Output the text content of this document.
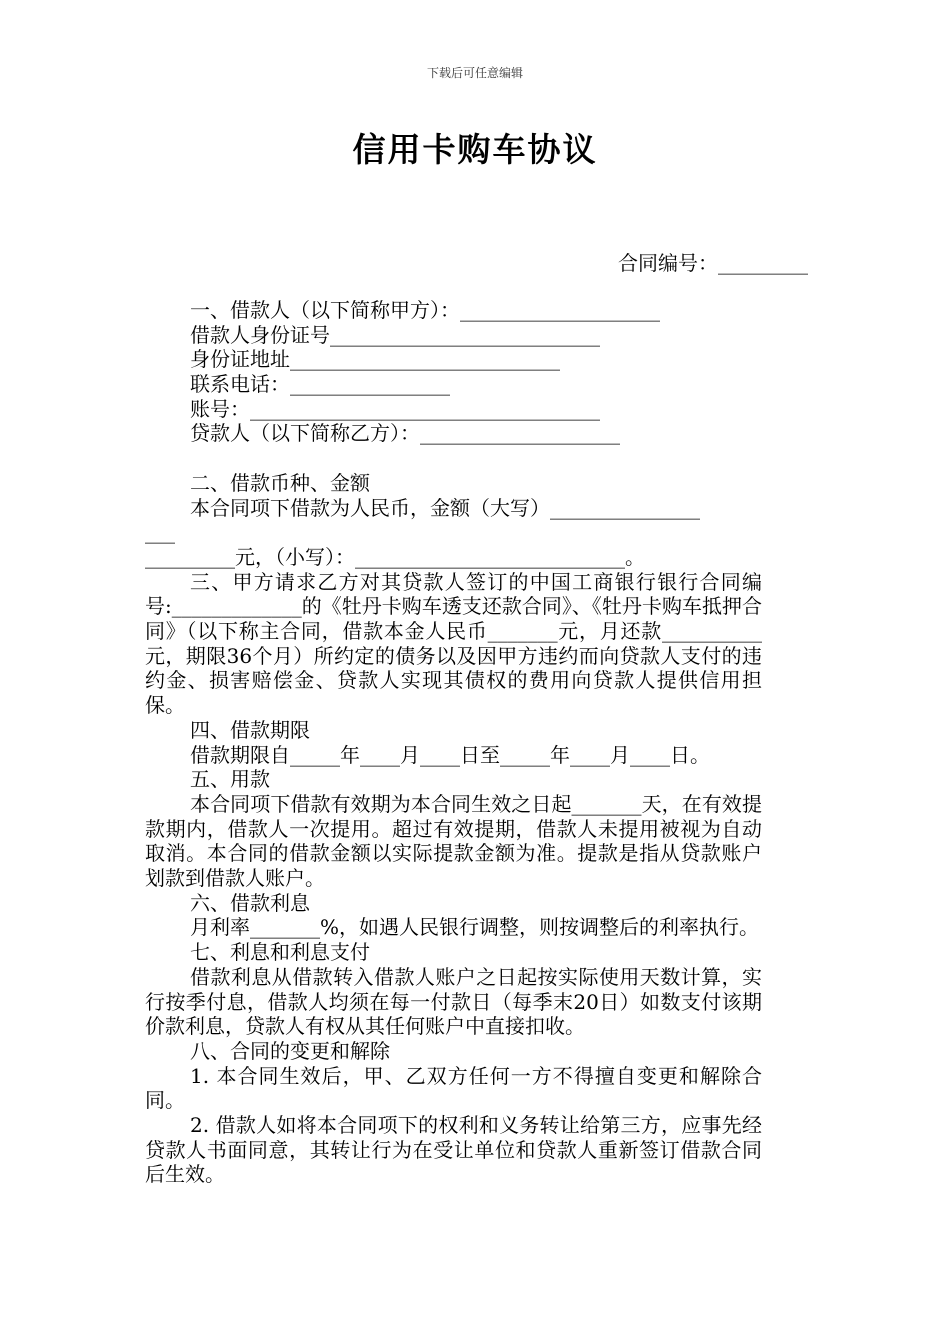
下载后可任意编辑
信用卡购车协议
合同编号：_________
一、借款人（以下简称甲方）：____________________
借款人身份证号___________________________
身份证地址___________________________
联系电话：________________
账号：___________________________________
贷款人（以下简称乙方）：____________________
二、借款币种、金额
本合同项下借款为人民币，金额（大写）_______________
___
_________元，（小写）：___________________________。
三、甲方请求乙方对其贷款人签订的中国工商银行银行合同编号:_____________的《牡丹卡购车透支还款合同》、《牡丹卡购车抵押合同》（以下称主合同，借款本金人民币_______元，月还款__________元，期限36个月）所约定的债务以及因甲方违约而向贷款人支付的违约金、损害赔偿金、贷款人实现其债权的费用向贷款人提供信用担保。
四、借款期限
借款期限自_____年____月____日至_____年____月____日。
五、用款
本合同项下借款有效期为本合同生效之日起_______天，在有效提款期内，借款人一次提用。超过有效提期，借款人未提用被视为自动取消。本合同的借款金额以实际提款金额为准。提款是指从贷款账户划款到借款人账户。
六、借款利息
月利率_______%，如遇人民银行调整，则按调整后的利率执行。
七、利息和利息支付
借款利息从借款转入借款人账户之日起按实际使用天数计算，实行按季付息，借款人均须在每一付款日（每季末20日）如数支付该期价款利息，贷款人有权从其任何账户中直接扣收。
八、合同的变更和解除
1. 本合同生效后，甲、乙双方任何一方不得擅自变更和解除合同。
2. 借款人如将本合同项下的权利和义务转让给第三方，应事先经贷款人书面同意，其转让行为在受让单位和贷款人重新签订借款合同后生效。
